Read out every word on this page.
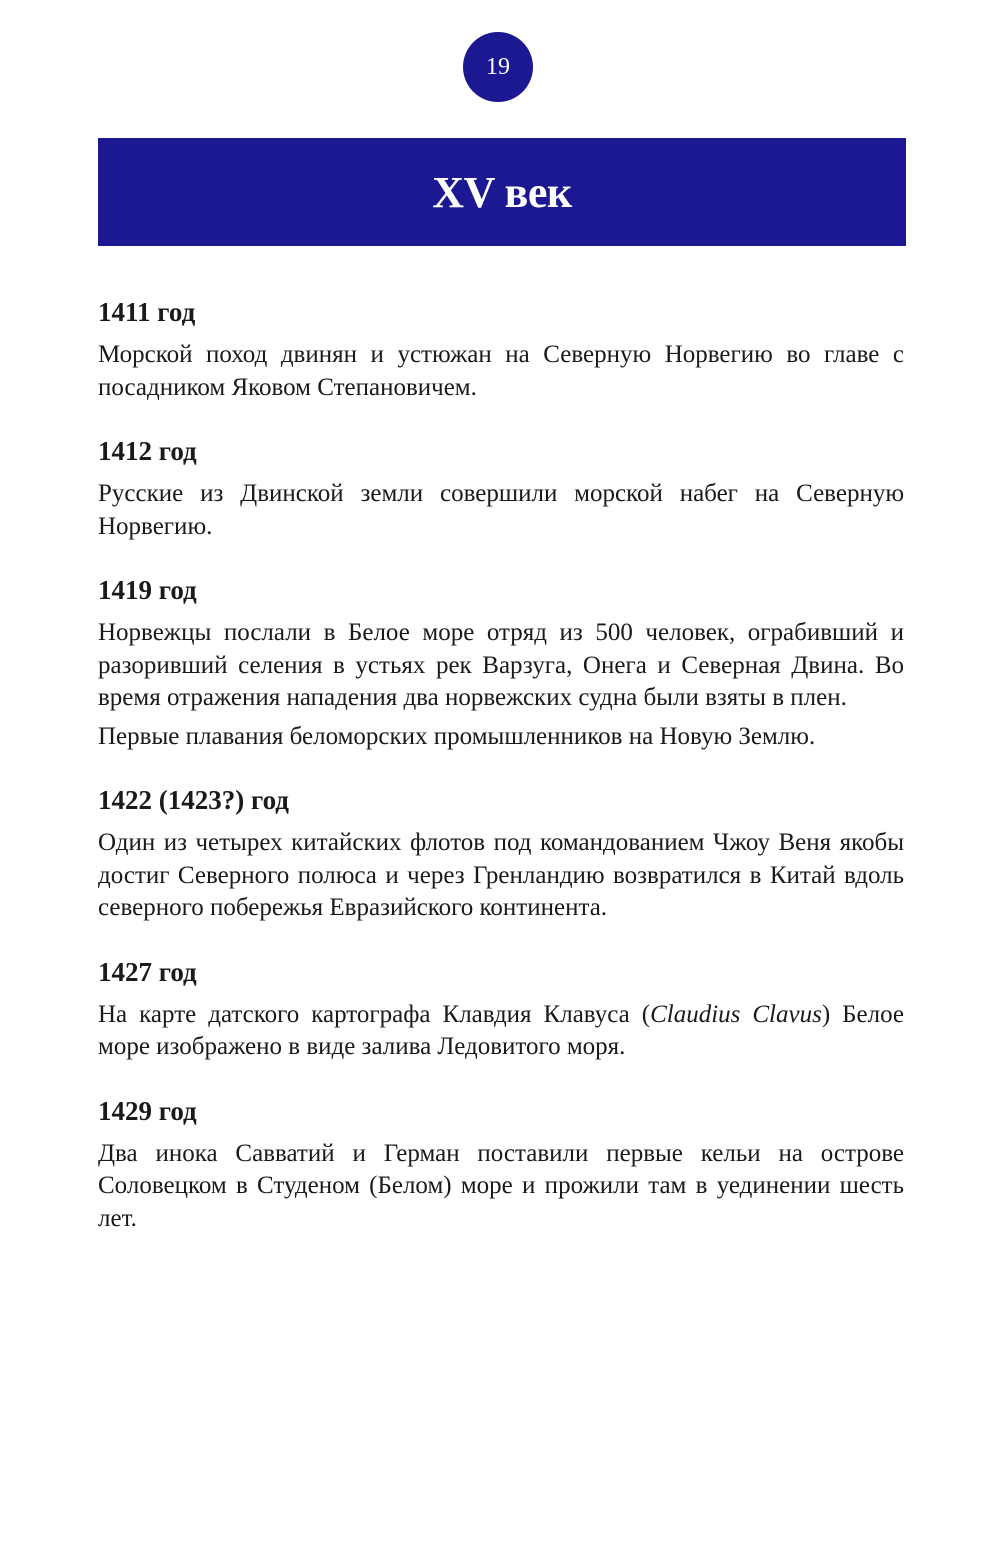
19
XV век
1411 год

Морской поход двинян и устюжан на Северную Норвегию во главе с посадником Яковом Степановичем.

1412 год

Русские из Двинской земли совершили морской набег на Северную Норвегию.

1419 год

Норвежцы послали в Белое море отряд из 500 человек, ограбивший и разоривший селения в устьях рек Варзуга, Онега и Северная Двина. Во время отражения нападения два норвежских судна были взяты в плен.

Первые плавания беломорских промышленников на Новую Землю.

1422 (1423?) год

Один из четырех китайских флотов под командованием Чжоу Веня якобы достиг Северного полюса и через Гренландию возвратился в Китай вдоль северного побережья Евразийского континента.

1427 год

На карте датского картографа Клавдия Клавуса (Claudius Clavus) Белое море изображено в виде залива Ледовитого моря.

1429 год

Два инока Савватий и Герман поставили первые кельи на острове Соловецком в Студеном (Белом) море и прожили там в уединении шесть лет.
